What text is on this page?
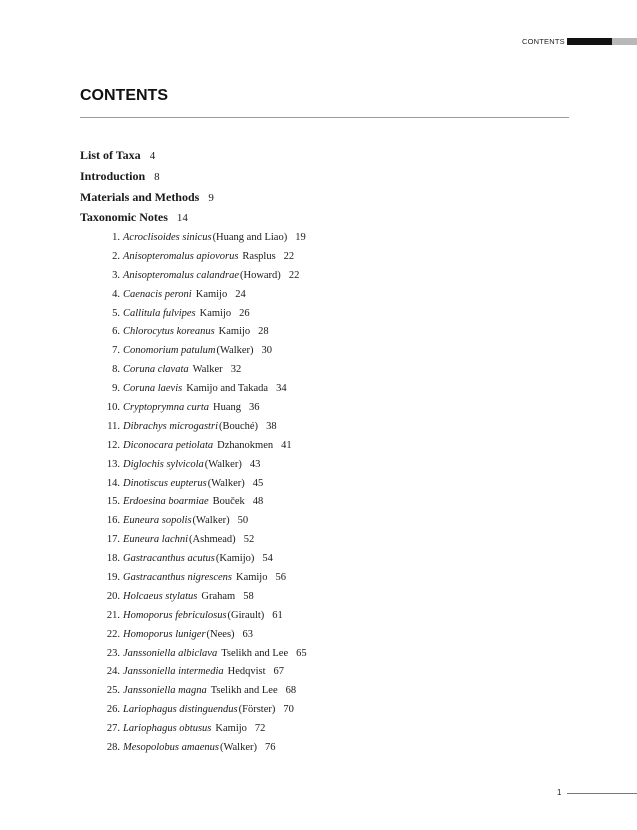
CONTENTS
CONTENTS
List of Taxa 4
Introduction 8
Materials and Methods 9
Taxonomic Notes 14
1. Acroclisoides sinicus(Huang and Liao) 19
2. Anisopteromalus apiovorus Rasplus 22
3. Anisopteromalus calandrae(Howard) 22
4. Caenacis peroni Kamijo 24
5. Callitula fulvipes Kamijo 26
6. Chlorocytus koreanus Kamijo 28
7. Conomorium patulum(Walker) 30
8. Coruna clavata Walker 32
9. Coruna laevis Kamijo and Takada 34
10. Cryptoprymna curta Huang 36
11. Dibrachys microgastri(Bouché) 38
12. Diconocara petiolata Dzhanokmen 41
13. Diglochis sylvicola(Walker) 43
14. Dinotiscus eupterus(Walker) 45
15. Erdoesina boarmiae Bouček 48
16. Euneura sopolis(Walker) 50
17. Euneura lachni(Ashmead) 52
18. Gastracanthus acutus(Kamijo) 54
19. Gastracanthus nigrescens Kamijo 56
20. Holcaeus stylatus Graham 58
21. Homoporus febriculosus(Girault) 61
22. Homoporus luniger(Nees) 63
23. Janssoniella albiclava Tselikh and Lee 65
24. Janssoniella intermedia Hedqvist 67
25. Janssoniella magna Tselikh and Lee 68
26. Lariophagus distinguendus(Förster) 70
27. Lariophagus obtusus Kamijo 72
28. Mesopolobus amaenus(Walker) 76
1
